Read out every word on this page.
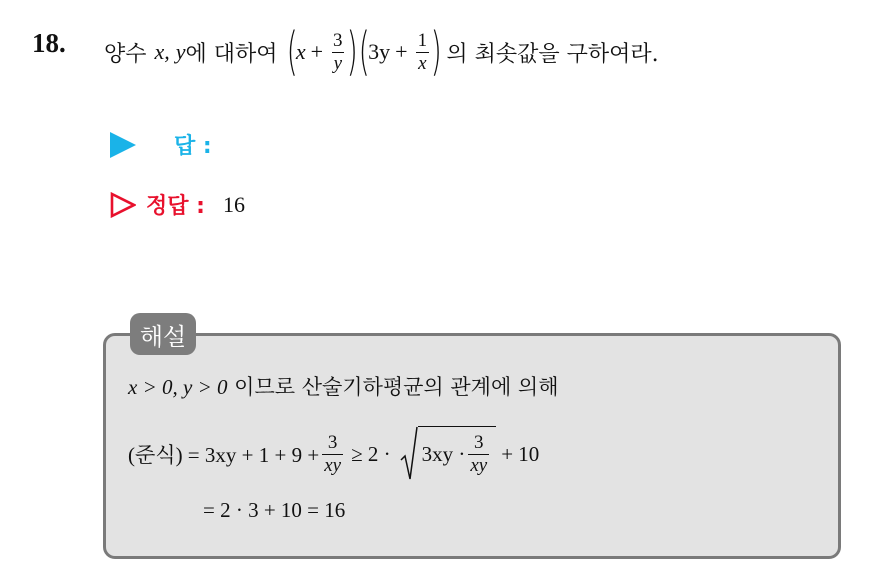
18. 양수 x, y 에 대하여 (
$x + \frac{3}{y}$ ) (
$3y + \frac{1}{x}$ ) 의 최솟값을 구하여라.
답 :
정답 : 16
해설
x > 0, y > 0 이므로 산술기하평균의 관계에 의해
(준식) = $3xy + 1 + 9 + \frac{3}{xy} \ge 2 \cdot 3xy \cdot \frac{3}{xy} + 10$
= 2 · 3 + 10 = 16
